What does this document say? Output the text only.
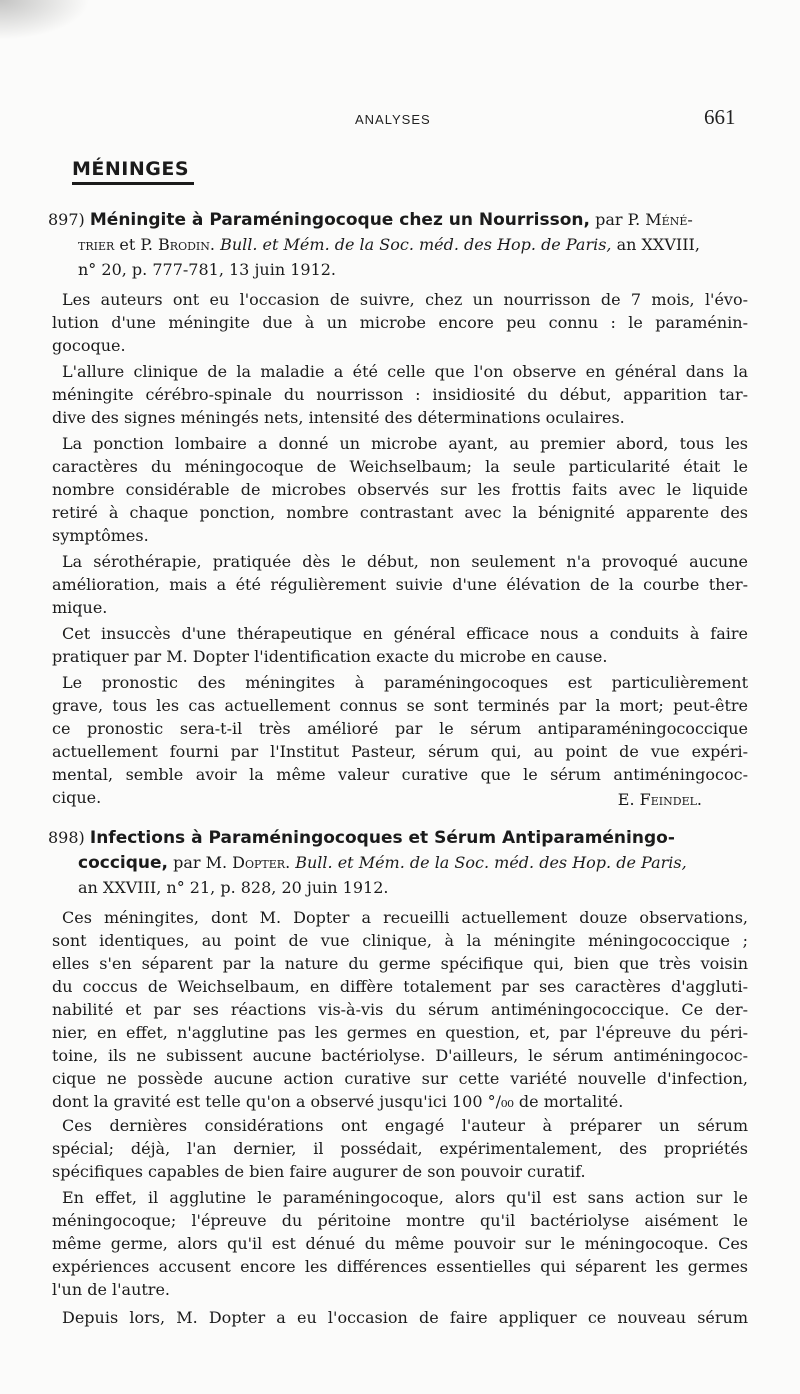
ANALYSES	661
MÉNINGES
897) Méningite à Paraméningocoque chez un Nourrisson, par P. Méné-
trier et P. Brodin. Bull. et Mém. de la Soc. méd. des Hop. de Paris, an XXVIII,
n° 20, p. 777-781, 13 juin 1912.
Les auteurs ont eu l'occasion de suivre, chez un nourrisson de 7 mois, l'évo-
lution d'une méningite due à un microbe encore peu connu : le paraménin-
gocoque.
L'allure clinique de la maladie a été celle que l'on observe en général dans la
méningite cérébro-spinale du nourrisson : insidiosité du début, apparition tar-
dive des signes méningés nets, intensité des déterminations oculaires.
La ponction lombaire a donné un microbe ayant, au premier abord, tous les
caractères du méningocoque de Weichselbaum; la seule particularité était le
nombre considérable de microbes observés sur les frottis faits avec le liquide
retiré à chaque ponction, nombre contrastant avec la bénignité apparente des
symptômes.
La sérothérapie, pratiquée dès le début, non seulement n'a provoqué aucune
amélioration, mais a été régulièrement suivie d'une élévation de la courbe ther-
mique.
Cet insuccès d'une thérapeutique en général efficace nous a conduits à faire
pratiquer par M. Dopter l'identification exacte du microbe en cause.
Le pronostic des méningites à paraméningocoques est particulièrement
grave, tous les cas actuellement connus se sont terminés par la mort; peut-être
ce pronostic sera-t-il très amélioré par le sérum antiparaméningococcique
actuellement fourni par l'Institut Pasteur, sérum qui, au point de vue expéri-
mental, semble avoir la même valeur curative que le sérum antiméningococ-
cique.	E. Feindel.
898) Infections à Paraméningocoques et Sérum Antiparaméningo-
coccique, par M. Dopter. Bull. et Mém. de la Soc. méd. des Hop. de Paris,
an XXVIII, n° 21, p. 828, 20 juin 1912.
Ces méningites, dont M. Dopter a recueilli actuellement douze observations,
sont identiques, au point de vue clinique, à la méningite méningococcique ;
elles s'en séparent par la nature du germe spécifique qui, bien que très voisin
du coccus de Weichselbaum, en diffère totalement par ses caractères d'aggluti-
nabilité et par ses réactions vis-à-vis du sérum antiméningococcique. Ce der-
nier, en effet, n'agglutine pas les germes en question, et, par l'épreuve du péri-
toine, ils ne subissent aucune bactériolyse. D'ailleurs, le sérum antiméningococ-
cique ne possède aucune action curative sur cette variété nouvelle d'infection,
dont la gravité est telle qu'on a observé jusqu'ici 100 °/₀₀ de mortalité.
Ces dernières considérations ont engagé l'auteur à préparer un sérum
spécial; déjà, l'an dernier, il possédait, expérimentalement, des propriétés
spécifiques capables de bien faire augurer de son pouvoir curatif.
En effet, il agglutine le paraméningocoque, alors qu'il est sans action sur le
méningocoque; l'épreuve du péritoine montre qu'il bactériolyse aisément le
même germe, alors qu'il est dénué du même pouvoir sur le méningocoque. Ces
expériences accusent encore les différences essentielles qui séparent les germes
l'un de l'autre.
Depuis lors, M. Dopter a eu l'occasion de faire appliquer ce nouveau sérum
